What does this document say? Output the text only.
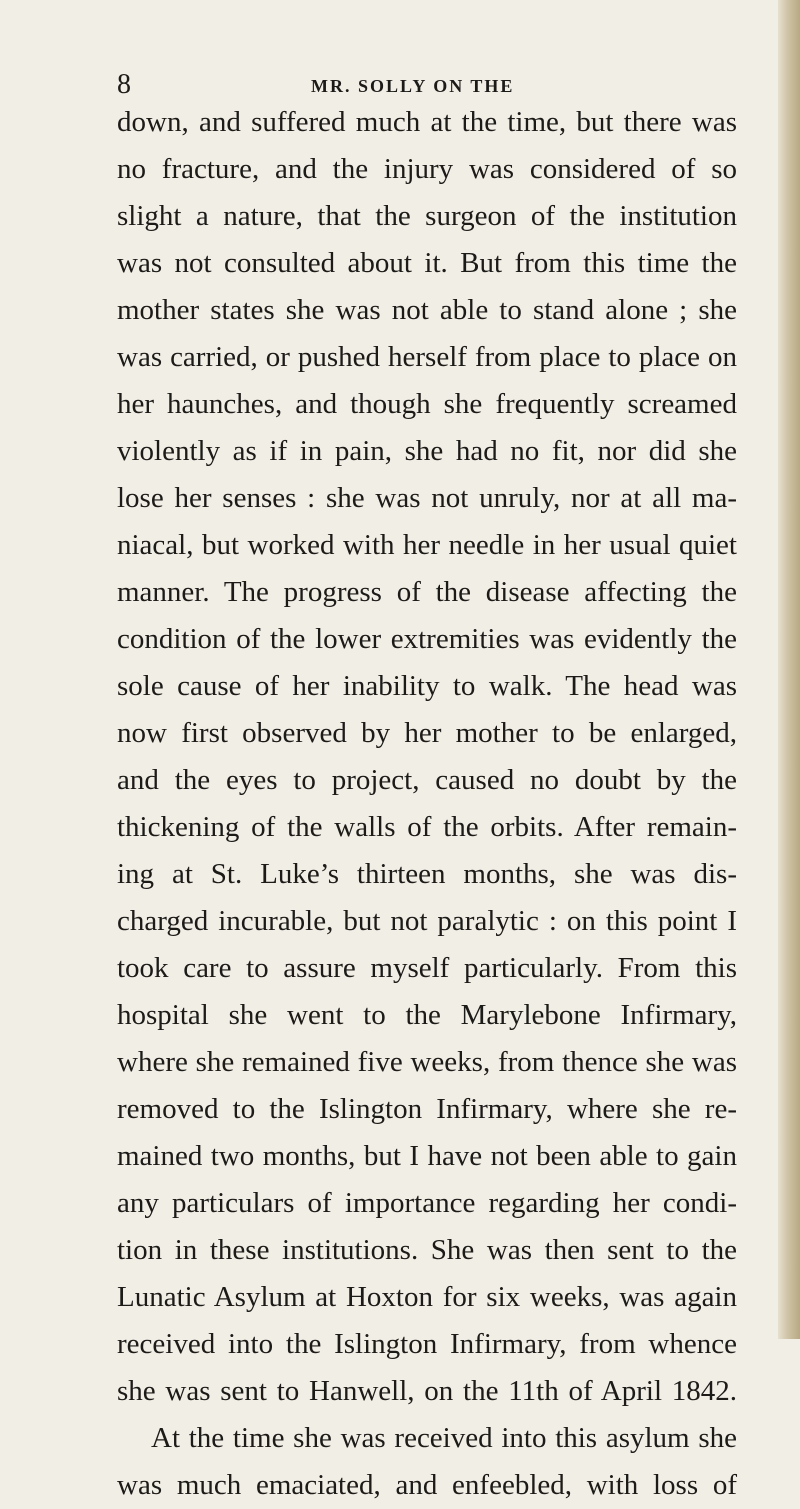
8	MR. SOLLY ON THE
down, and suffered much at the time, but there was
no fracture, and the injury was considered of so
slight a nature, that the surgeon of the institution
was not consulted about it. But from this time the
mother states she was not able to stand alone ; she
was carried, or pushed herself from place to place on
her haunches, and though she frequently screamed
violently as if in pain, she had no fit, nor did she
lose her senses : she was not unruly, nor at all ma-
niacal, but worked with her needle in her usual quiet
manner. The progress of the disease affecting the
condition of the lower extremities was evidently the
sole cause of her inability to walk. The head was
now first observed by her mother to be enlarged,
and the eyes to project, caused no doubt by the
thickening of the walls of the orbits. After remain-
ing at St. Luke’s thirteen months, she was dis-
charged incurable, but not paralytic : on this point I
took care to assure myself particularly. From this
hospital she went to the Marylebone Infirmary,
where she remained five weeks, from thence she was
removed to the Islington Infirmary, where she re-
mained two months, but I have not been able to gain
any particulars of importance regarding her condi-
tion in these institutions. She was then sent to the
Lunatic Asylum at Hoxton for six weeks, was again
received into the Islington Infirmary, from whence
she was sent to Hanwell, on the 11th of April 1842.
At the time she was received into this asylum she
was much emaciated, and enfeebled, with loss of
